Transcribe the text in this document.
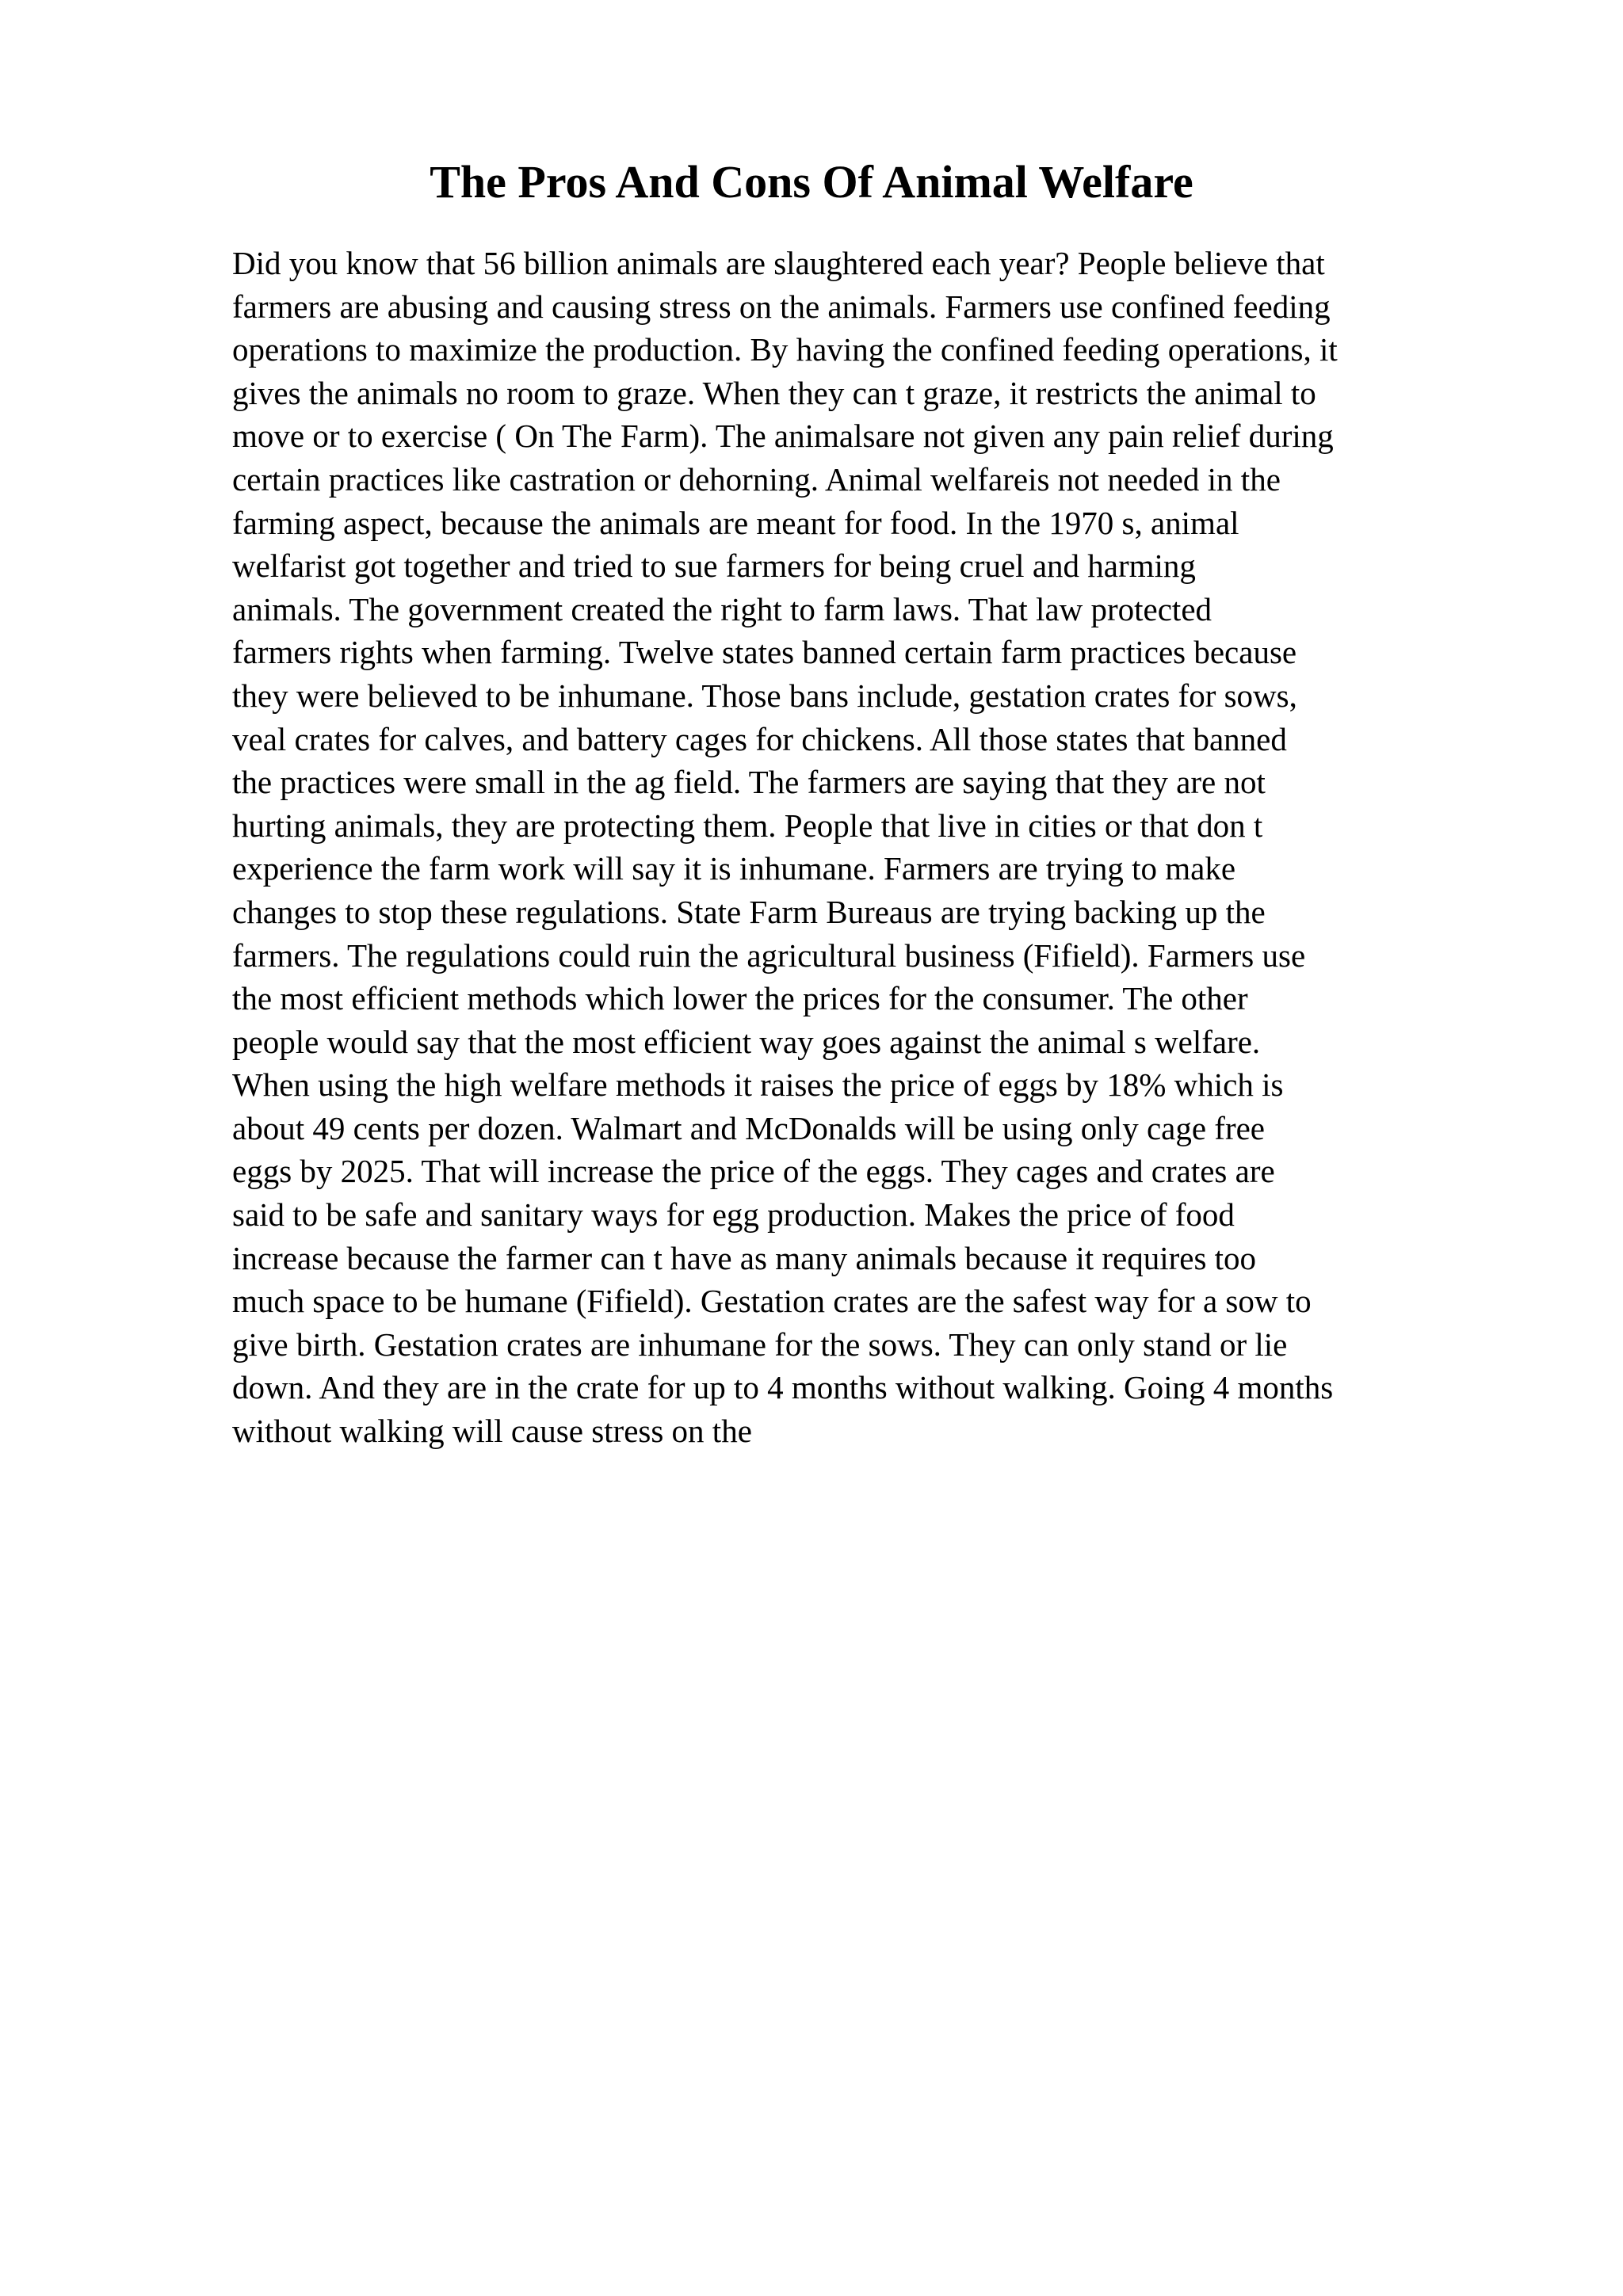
The Pros And Cons Of Animal Welfare
Did you know that 56 billion animals are slaughtered each year? People believe that
farmers are abusing and causing stress on the animals. Farmers use confined feeding
operations to maximize the production. By having the confined feeding operations, it
gives the animals no room to graze. When they can t graze, it restricts the animal to
move or to exercise ( On The Farm). The animalsare not given any pain relief during
certain practices like castration or dehorning. Animal welfareis not needed in the
farming aspect, because the animals are meant for food. In the 1970 s, animal
welfarist got together and tried to sue farmers for being cruel and harming
animals. The government created the right to farm laws. That law protected
farmers rights when farming. Twelve states banned certain farm practices because
they were believed to be inhumane. Those bans include, gestation crates for sows,
veal crates for calves, and battery cages for chickens. All those states that banned
the practices were small in the ag field. The farmers are saying that they are not
hurting animals, they are protecting them. People that live in cities or that don t
experience the farm work will say it is inhumane. Farmers are trying to make
changes to stop these regulations. State Farm Bureaus are trying backing up the
farmers. The regulations could ruin the agricultural business (Fifield). Farmers use
the most efficient methods which lower the prices for the consumer. The other
people would say that the most efficient way goes against the animal s welfare.
When using the high welfare methods it raises the price of eggs by 18% which is
about 49 cents per dozen. Walmart and McDonalds will be using only cage free
eggs by 2025. That will increase the price of the eggs. They cages and crates are
said to be safe and sanitary ways for egg production. Makes the price of food
increase because the farmer can t have as many animals because it requires too
much space to be humane (Fifield). Gestation crates are the safest way for a sow to
give birth. Gestation crates are inhumane for the sows. They can only stand or lie
down. And they are in the crate for up to 4 months without walking. Going 4 months
without walking will cause stress on the
